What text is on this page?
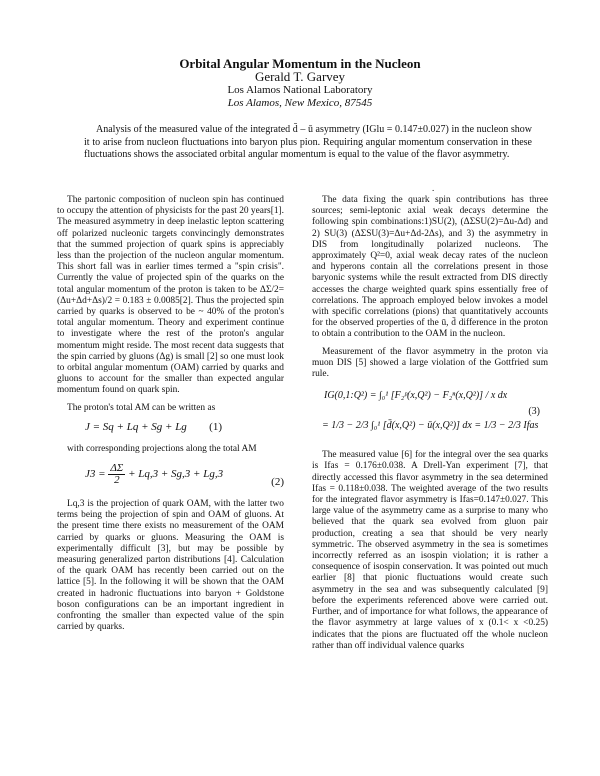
Orbital Angular Momentum in the Nucleon
Gerald T. Garvey
Los Alamos National Laboratory
Los Alamos, New Mexico, 87545

Analysis of the measured value of the integrated d̄ – ū asymmetry (IGlu = 0.147±0.027) in the nucleon show it to arise from nucleon fluctuations into baryon plus pion. Requiring angular momentum conservation in these fluctuations shows the associated orbital angular momentum is equal to the value of the flavor asymmetry.

.

The partonic composition of nucleon spin has continued to occupy the attention of physicists for the past 20 years[1]. The measured asymmetry in deep inelastic lepton scattering off polarized nucleonic targets convincingly demonstrates that the summed projection of quark spins is appreciably less than the projection of the nucleon angular momentum. This short fall was in earlier times termed a "spin crisis". Currently the value of projected spin of the quarks on the total angular momentum of the proton is taken to be ΔΣ/2=(Δu+Δd+Δs)/2 = 0.183 ± 0.0085[2]. Thus the projected spin carried by quarks is observed to be ~ 40% of the proton's total angular momentum. Theory and experiment continue to investigate where the rest of the proton's angular momentum might reside. The most recent data suggests that the spin carried by gluons (Δg) is small [2] so one must look to orbital angular momentum (OAM) carried by quarks and gluons to account for the smaller than expected angular momentum found on quark spin.

The proton's total AM can be written as

J = Sq + Lq + Sg + Lg (1)

with corresponding projections along the total AM

$J3 = \frac{\Delta\Sigma}{2} + Lq,3 + Sg,3 + Lg,3$
(2)

Lq,3 is the projection of quark OAM, with the latter two terms being the projection of spin and OAM of gluons. At the present time there exists no measurement of the OAM carried by quarks or gluons. Measuring the OAM is experimentally difficult [3], but may be possible by measuring generalized parton distributions [4]. Calculation of the quark OAM has recently been carried out on the lattice [5]. In the following it will be shown that the OAM created in hadronic fluctuations into baryon + Goldstone boson configurations can be an important ingredient in confronting the smaller than expected value of the spin carried by quarks.

The data fixing the quark spin contributions has three sources; semi-leptonic axial weak decays determine the following spin combinations:1)SU(2), (ΔΣSU(2)=Δu-Δd) and 2) SU(3) (ΔΣSU(3)=Δu+Δd-2Δs), and 3) the asymmetry in DIS from longitudinally polarized nucleons. The approximately Q²=0, axial weak decay rates of the nucleon and hyperons contain all the correlations present in those baryonic systems while the result extracted from DIS directly accesses the charge weighted quark spins essentially free of correlations. The approach employed below invokes a model with specific correlations (pions) that quantitatively accounts for the observed properties of the ū, d̄ difference in the proton to obtain a contribution to the OAM in the nucleon.

Measurement of the flavor asymmetry in the proton via muon DIS [5] showed a large violation of the Gottfried sum rule.

IG(0,1:Q²) = ∫₀¹ [F₂ᵖ(x,Q²) − F₂ⁿ(x,Q²)] / x dx
= 1/3 − 2/3 ∫₀¹ [d̄(x,Q²) − ū(x,Q²)] dx = 1/3 − 2/3 Ifas
(3)

The measured value [6] for the integral over the sea quarks is Ifas = 0.176±0.038. A Drell-Yan experiment [7], that directly accessed this flavor asymmetry in the sea determined Ifas = 0.118±0.038. The weighted average of the two results for the integrated flavor asymmetry is Ifas=0.147±0.027. This large value of the asymmetry came as a surprise to many who believed that the quark sea evolved from gluon pair production, creating a sea that should be very nearly symmetric. The observed asymmetry in the sea is sometimes incorrectly referred as an isospin violation; it is rather a consequence of isospin conservation. It was pointed out much earlier [8] that pionic fluctuations would create such asymmetry in the sea and was subsequently calculated [9] before the experiments referenced above were carried out. Further, and of importance for what follows, the appearance of the flavor asymmetry at large values of x (0.1< x <0.25) indicates that the pions are fluctuated off the whole nucleon rather than off individual valence quarks
